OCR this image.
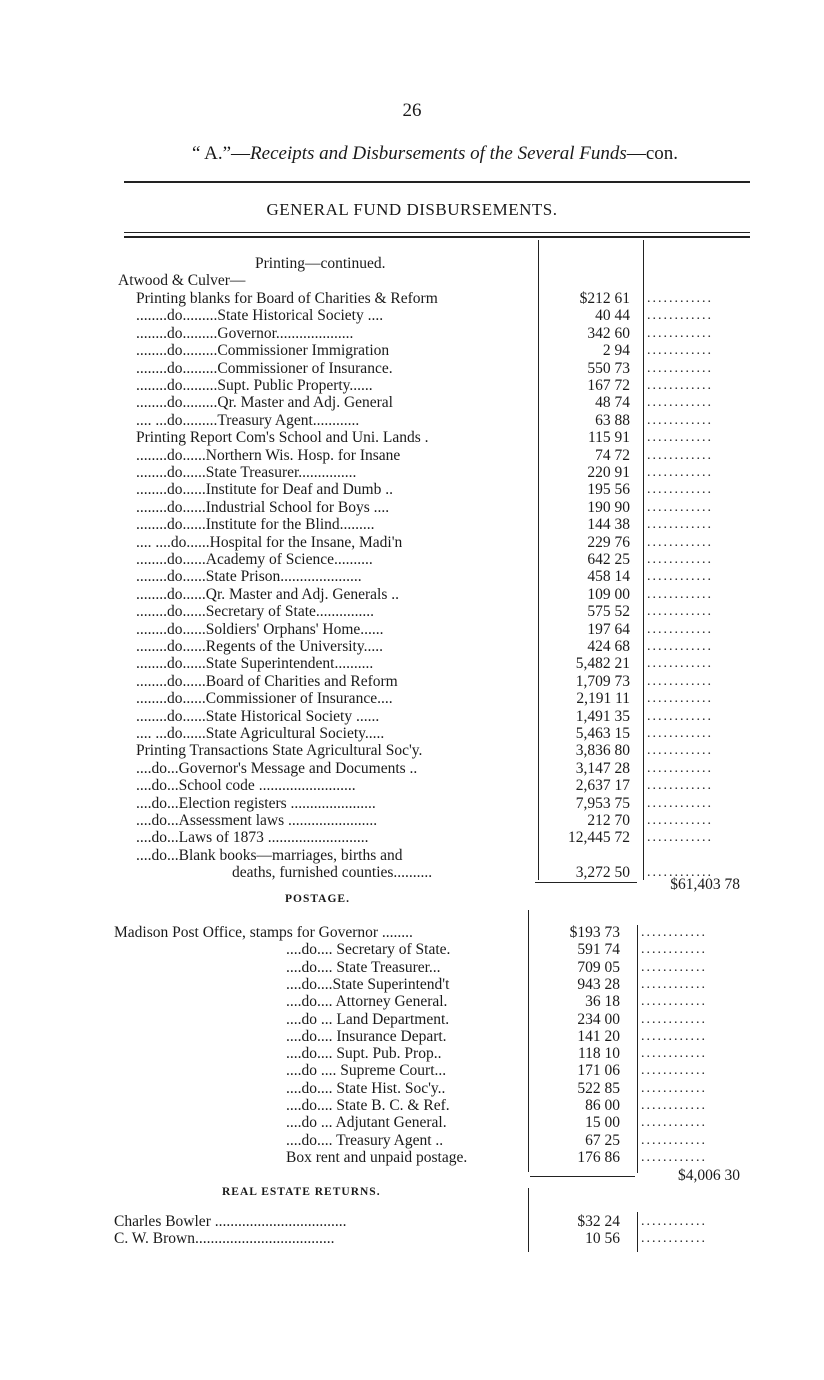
26
“ A.”—Receipts and Disbursements of the Several Funds—con.
GENERAL FUND DISBURSEMENTS.
Printing—continued.
Atwood & Culver—
Printing blanks for Board of Charities & Reform	$212 61 ............
........do.........State Historical Society ....	40 44 ............
........do.........Governor....................	342 60 ............
........do.........Commissioner Immigration	2 94 ............
........do.........Commissioner of Insurance.	550 73 ............
........do.........Supt. Public Property......	167 72 ............
........do.........Qr. Master and Adj. General	48 74 ............
.... ...do.........Treasury Agent............	63 88 ............
Printing Report Com's School and Uni. Lands .	115 91 ............
........do......Northern Wis. Hosp. for Insane	74 72 ............
........do......State Treasurer...............	220 91 ............
........do......Institute for Deaf and Dumb ..	195 56 ............
........do......Industrial School for Boys ....	190 90 ............
........do......Institute for the Blind.........	144 38 ............
.... ....do......Hospital for the Insane, Madi'n	229 76 ............
........do......Academy of Science..........	642 25 ............
........do......State Prison.....................	458 14 ............
........do......Qr. Master and Adj. Generals ..	109 00 ............
........do......Secretary of State...............	575 52 ............
........do......Soldiers' Orphans' Home......	197 64 ............
........do......Regents of the University.....	424 68 ............
........do......State Superintendent..........	5,482 21 ............
........do......Board of Charities and Reform	1,709 73 ............
........do......Commissioner of Insurance....	2,191 11 ............
........do......State Historical Society ......	1,491 35 ............
.... ...do......State Agricultural Society.....	5,463 15 ............
Printing Transactions State Agricultural Soc'y.	3,836 80 ............
....do...Governor's Message and Documents ..	3,147 28 ............
....do...School code .........................	2,637 17 ............
....do...Election registers ......................	7,953 75 ............
....do...Assessment laws .......................	212 70 ............
....do...Laws of 1873 ..........................	12,445 72 ............
....do...Blank books—marriages, births and
deaths, furnished counties..........	3,272 50 ............
$61,403 78
POSTAGE.
Madison Post Office, stamps for Governor ........	$193 73 ............
....do.... Secretary of State.	591 74 ............
....do.... State Treasurer...	709 05 ............
....do....State Superintend't	943 28 ............
....do.... Attorney General.	36 18 ............
....do ... Land Department.	234 00 ............
....do.... Insurance Depart.	141 20 ............
....do.... Supt. Pub. Prop..	118 10 ............
....do .... Supreme Court...	171 06 ............
....do.... State Hist. Soc'y..	522 85 ............
....do.... State B. C. & Ref.	86 00 ............
....do ... Adjutant General.	15 00 ............
....do.... Treasury Agent ..	67 25 ............
Box rent and unpaid postage.	176 86 ............
$4,006 30
REAL ESTATE RETURNS.
Charles Bowler ..................................	$32 24 ............
C. W. Brown....................................	10 56 ............
